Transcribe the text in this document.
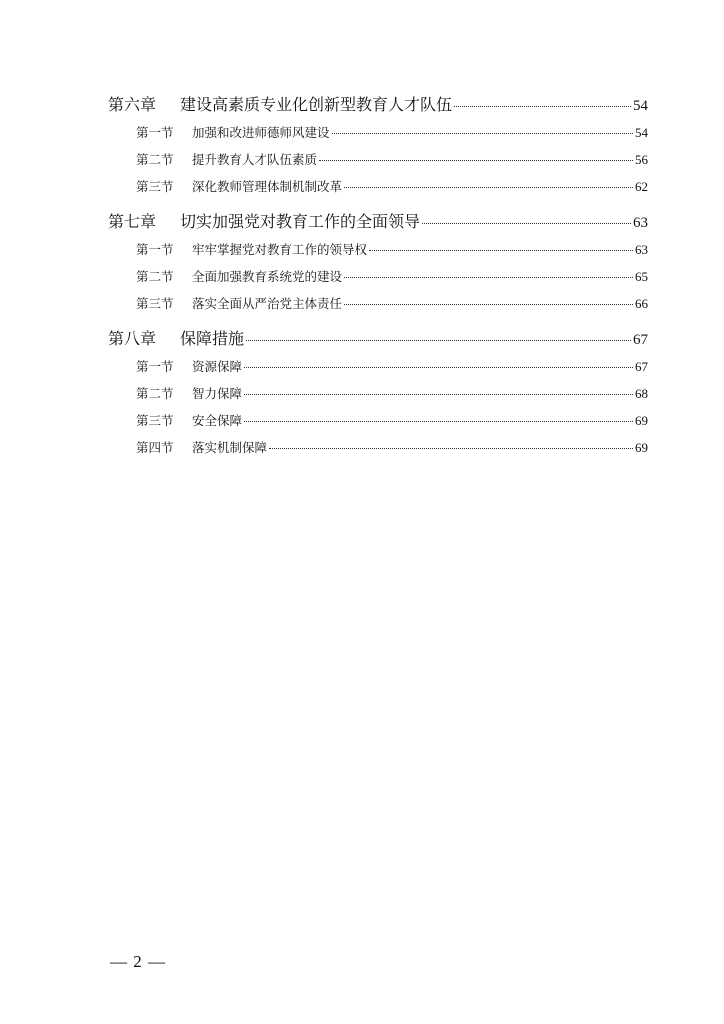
第六章	建设高素质专业化创新型教育人才队伍	54
第一节	加强和改进师德师风建设	54
第二节	提升教育人才队伍素质	56
第三节	深化教师管理体制机制改革	62
第七章	切实加强党对教育工作的全面领导	63
第一节	牢牢掌握党对教育工作的领导权	63
第二节	全面加强教育系统党的建设	65
第三节	落实全面从严治党主体责任	66
第八章	保障措施	67
第一节	资源保障	67
第二节	智力保障	68
第三节	安全保障	69
第四节	落实机制保障	69
— 2 —
